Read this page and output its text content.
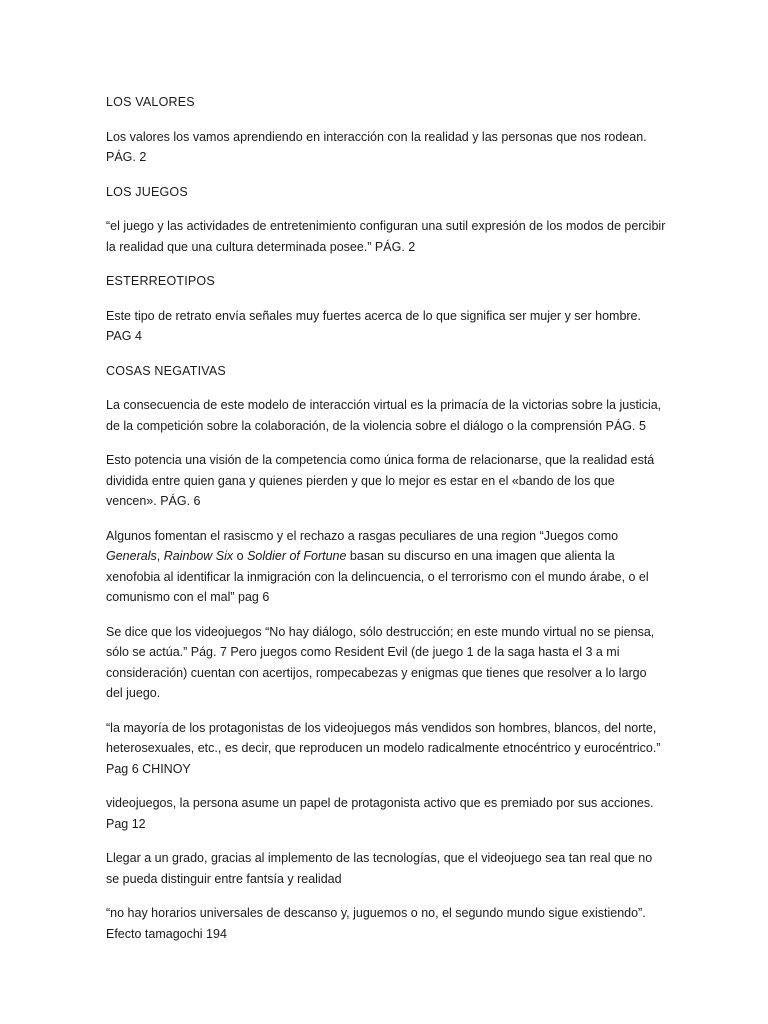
LOS VALORES

Los valores los vamos aprendiendo en interacción con la realidad y las personas que nos rodean. PÁG. 2

LOS JUEGOS

“el juego y las actividades de entretenimiento configuran una sutil expresión de los modos de percibir la realidad que una cultura determinada posee.” PÁG. 2

ESTERREOTIPOS

Este tipo de retrato envía señales muy fuertes acerca de lo que significa ser mujer y ser hombre. PAG 4

COSAS NEGATIVAS

La consecuencia de este modelo de interacción virtual es la primacía de la victorias sobre la justicia, de la competición sobre la colaboración, de la violencia sobre el diálogo o la comprensión PÁG. 5

Esto potencia una visión de la competencia como única forma de relacionarse, que la realidad está dividida entre quien gana y quienes pierden y que lo mejor es estar en el «bando de los que vencen». PÁG. 6

Algunos fomentan el rasiscmo y el rechazo a rasgas peculiares de una region “Juegos como Generals, Rainbow Six o Soldier of Fortune basan su discurso en una imagen que alienta la xenofobia al identificar la inmigración con la delincuencia, o el terrorismo con el mundo árabe, o el comunismo con el mal” pag 6

Se dice que los videojuegos “No hay diálogo, sólo destrucción; en este mundo virtual no se piensa, sólo se actúa.” Pág. 7 Pero juegos como Resident Evil (de juego 1 de la saga hasta el 3 a mi consideración) cuentan con acertijos, rompecabezas y enigmas que tienes que resolver a lo largo del juego.

“la mayoría de los protagonistas de los videojuegos más vendidos son hombres, blancos, del norte, heterosexuales, etc., es decir, que reproducen un modelo radicalmente etnocéntrico y eurocéntrico.” Pag 6 CHINOY

videojuegos, la persona asume un papel de protagonista activo que es premiado por sus acciones. Pag 12

Llegar a un grado, gracias al implemento de las tecnologías, que el videojuego sea tan real que no se pueda distinguir entre fantsía y realidad

“no hay horarios universales de descanso y, juguemos o no, el segundo mundo sigue existiendo”. Efecto tamagochi 194
